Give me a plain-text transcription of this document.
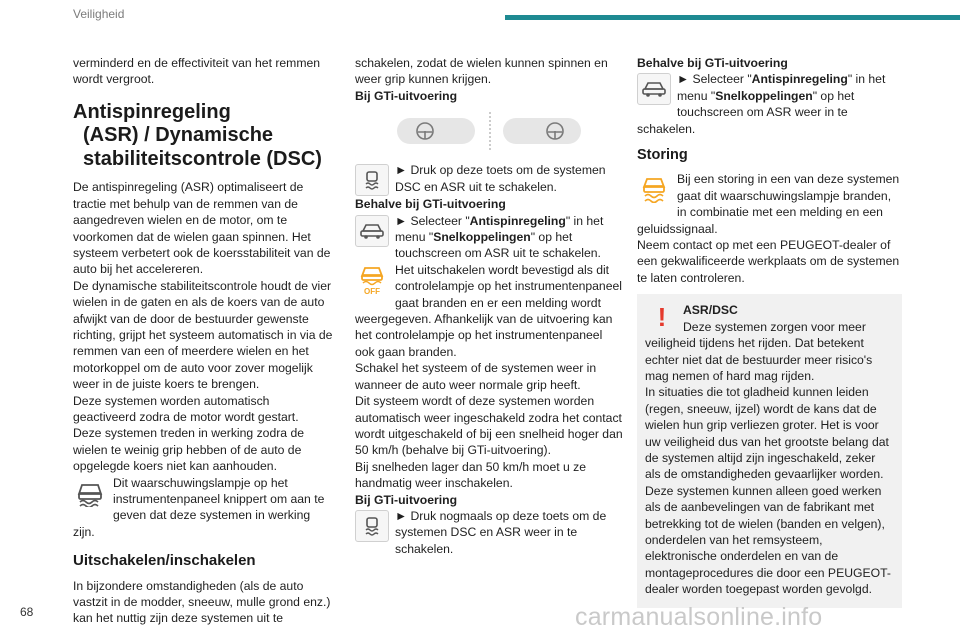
Veiligheid

verminderd en de effectiviteit van het remmen wordt vergroot.

Antispinregeling
(ASR) / Dynamische
stabiliteitscontrole (DSC)

De antispinregeling (ASR) optimaliseert de tractie met behulp van de remmen van de aangedreven wielen en de motor, om te voorkomen dat de wielen gaan spinnen. Het systeem verbetert ook de koersstabiliteit van de auto bij het accelereren.

De dynamische stabiliteitscontrole houdt de vier wielen in de gaten en als de koers van de auto afwijkt van de door de bestuurder gewenste richting, grijpt het systeem automatisch in via de remmen van een of meerdere wielen en het motorkoppel om de auto voor zover mogelijk weer in de juiste koers te brengen.

Deze systemen worden automatisch geactiveerd zodra de motor wordt gestart.

Deze systemen treden in werking zodra de wielen te weinig grip hebben of de auto de opgelegde koers niet kan aanhouden.

Dit waarschuwingslampje op het instrumentenpaneel knippert om aan te geven dat deze systemen in werking zijn.

Uitschakelen/inschakelen

In bijzondere omstandigheden (als de auto vastzit in de modder, sneeuw, mulle grond enz.) kan het nuttig zijn deze systemen uit te

schakelen, zodat de wielen kunnen spinnen en weer grip kunnen krijgen.

Bij GTi-uitvoering

► Druk op deze toets om de systemen DSC en ASR uit te schakelen.

Behalve bij GTi-uitvoering

► Selecteer "Antispinregeling" in het menu "Snelkoppelingen" op het touchscreen om ASR uit te schakelen.

OFF

Het uitschakelen wordt bevestigd als dit controlelampje op het instrumentenpaneel gaat branden en er een melding wordt weergegeven. Afhankelijk van de uitvoering kan het controlelampje op het instrumentenpaneel ook gaan branden.

Schakel het systeem of de systemen weer in wanneer de auto weer normale grip heeft.

Dit systeem wordt of deze systemen worden automatisch weer ingeschakeld zodra het contact wordt uitgeschakeld of bij een snelheid hoger dan 50 km/h (behalve bij GTi-uitvoering).

Bij snelheden lager dan 50 km/h moet u ze handmatig weer inschakelen.

Bij GTi-uitvoering

► Druk nogmaals op deze toets om de systemen DSC en ASR weer in te schakelen.

Behalve bij GTi-uitvoering

► Selecteer "Antispinregeling" in het menu "Snelkoppelingen" op het touchscreen om ASR weer in te schakelen.

Storing

Bij een storing in een van deze systemen gaat dit waarschuwingslampje branden, in combinatie met een melding en een geluidssignaal.

Neem contact op met een PEUGEOT-dealer of een gekwalificeerde werkplaats om de systemen te laten controleren.

!	ASR/DSC

Deze systemen zorgen voor meer veiligheid tijdens het rijden. Dat betekent echter niet dat de bestuurder meer risico's mag nemen of hard mag rijden.

In situaties die tot gladheid kunnen leiden (regen, sneeuw, ijzel) wordt de kans dat de wielen hun grip verliezen groter. Het is voor uw veiligheid dus van het grootste belang dat de systemen altijd zijn ingeschakeld, zeker als de omstandigheden gevaarlijker worden.

Deze systemen kunnen alleen goed werken als de aanbevelingen van de fabrikant met betrekking tot de wielen (banden en velgen), onderdelen van het remsysteem, elektronische onderdelen en van de montageprocedures die door een PEUGEOT-dealer worden toegepast worden gevolgd.

68	carmanualsonline.info
